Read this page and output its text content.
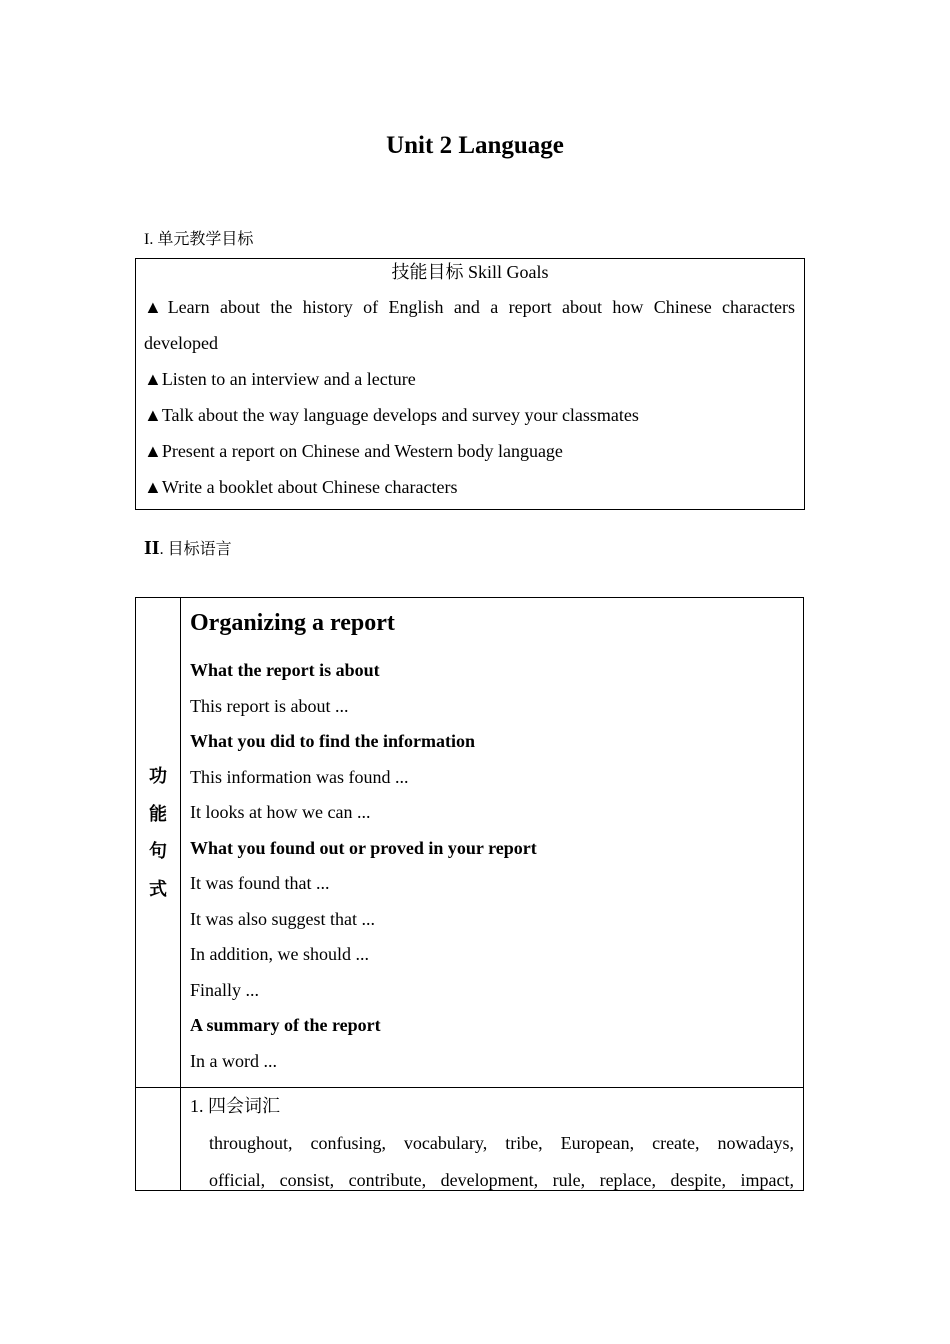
Unit 2 Language
I. 单元教学目标
技能目标 Skill Goals
▲Learn about the history of English and a report about how Chinese characters developed
▲Listen to an interview and a lecture
▲Talk about the way language develops and survey your classmates
▲Present a report on Chinese and Western body language
▲Write a booklet about Chinese characters
II. 目标语言
功
能
句
式
Organizing a report
What the report is about
This report is about ...
What you did to find the information
This information was found ...
It looks at how we can ...
What you found out or proved in your report
It was found that ...
It was also suggest that ...
In addition, we should ...
Finally ...
A summary of the report
In a word ...
1. 四会词汇
throughout, confusing, vocabulary, tribe, European, create, nowadays,
official, consist, contribute, development, rule, replace, despite, impact,
